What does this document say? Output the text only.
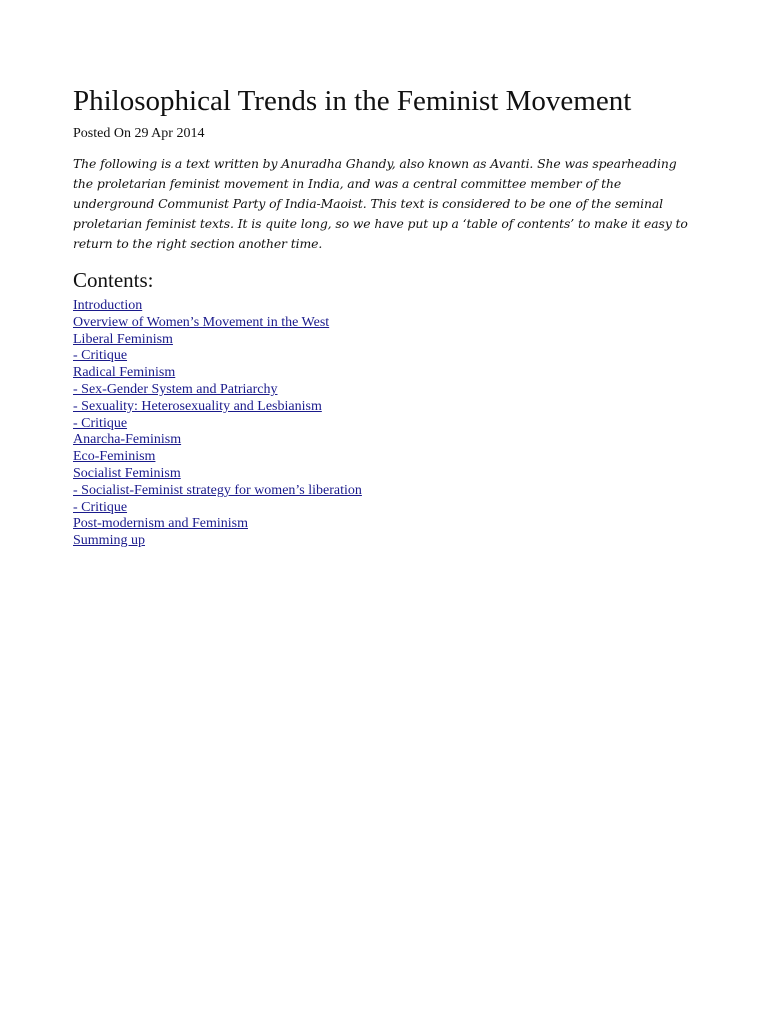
Philosophical Trends in the Feminist Movement
Posted On 29 Apr 2014

The following is a text written by Anuradha Ghandy, also known as Avanti. She was spearheading the proletarian feminist movement in India, and was a central committee member of the underground Communist Party of India-Maoist. This text is considered to be one of the seminal proletarian feminist texts. It is quite long, so we have put up a ‘table of contents’ to make it easy to return to the right section another time.

Contents:
Introduction
Overview of Women’s Movement in the West
Liberal Feminism
- Critique
Radical Feminism
- Sex-Gender System and Patriarchy
- Sexuality: Heterosexuality and Lesbianism
- Critique
Anarcha-Feminism
Eco-Feminism
Socialist Feminism
- Socialist-Feminist strategy for women’s liberation
- Critique
Post-modernism and Feminism
Summing up
